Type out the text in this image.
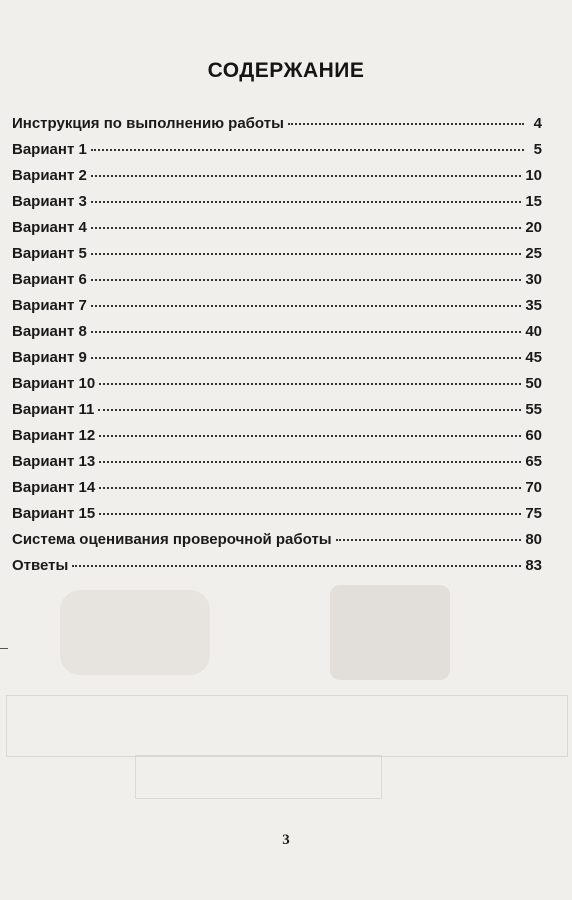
СОДЕРЖАНИЕ
Инструкция по выполнению работы	4
Вариант 1	5
Вариант 2	10
Вариант 3	15
Вариант 4	20
Вариант 5	25
Вариант 6	30
Вариант 7	35
Вариант 8	40
Вариант 9	45
Вариант 10	50
Вариант 11	55
Вариант 12	60
Вариант 13	65
Вариант 14	70
Вариант 15	75
Система оценивания проверочной работы	80
Ответы	83
3
